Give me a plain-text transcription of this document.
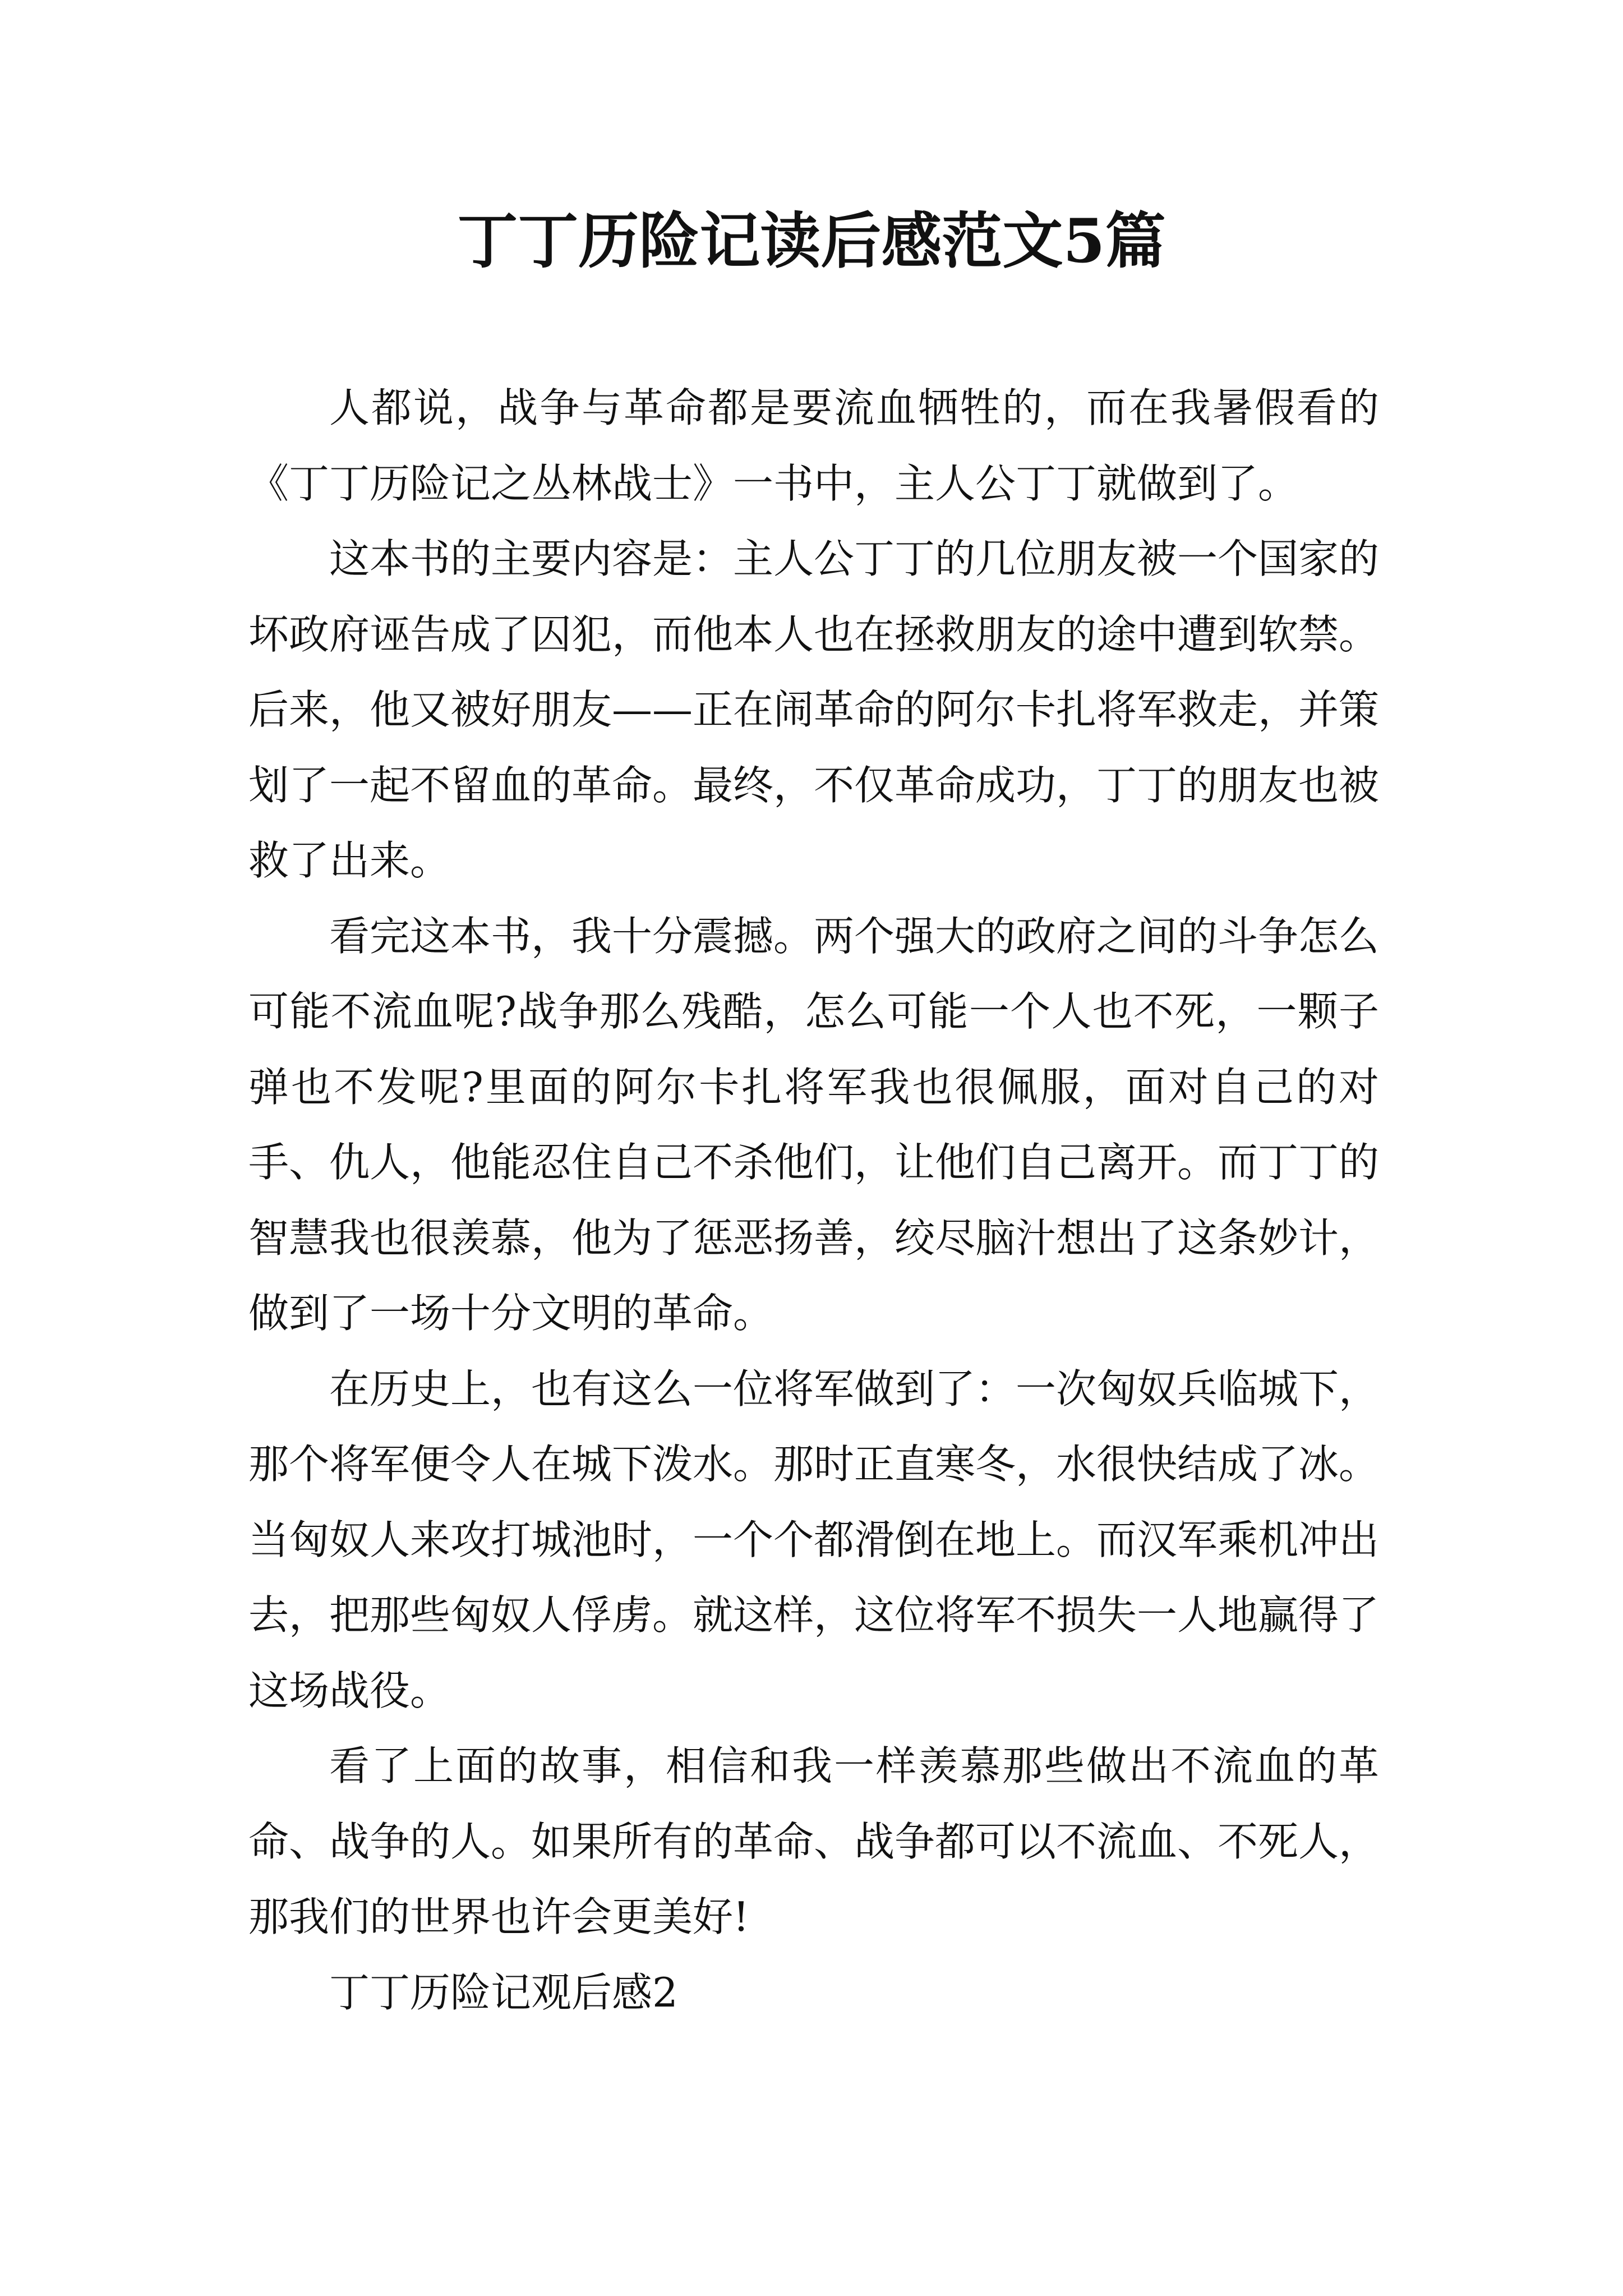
丁丁历险记读后感范文5篇

人都说，战争与革命都是要流血牺牲的，而在我暑假看的《丁丁历险记之丛林战士》一书中，主人公丁丁就做到了。

这本书的主要内容是：主人公丁丁的几位朋友被一个国家的坏政府诬告成了囚犯，而他本人也在拯救朋友的途中遭到软禁。后来，他又被好朋友——正在闹革命的阿尔卡扎将军救走，并策划了一起不留血的革命。最终，不仅革命成功，丁丁的朋友也被救了出来。

看完这本书，我十分震撼。两个强大的政府之间的斗争怎么可能不流血呢?战争那么残酷，怎么可能一个人也不死，一颗子弹也不发呢?里面的阿尔卡扎将军我也很佩服，面对自己的对手、仇人，他能忍住自己不杀他们，让他们自己离开。而丁丁的智慧我也很羡慕，他为了惩恶扬善，绞尽脑汁想出了这条妙计，做到了一场十分文明的革命。

在历史上，也有这么一位将军做到了：一次匈奴兵临城下，那个将军便令人在城下泼水。那时正直寒冬，水很快结成了冰。当匈奴人来攻打城池时，一个个都滑倒在地上。而汉军乘机冲出去，把那些匈奴人俘虏。就这样，这位将军不损失一人地赢得了这场战役。

看了上面的故事，相信和我一样羡慕那些做出不流血的革命、战争的人。如果所有的革命、战争都可以不流血、不死人，那我们的世界也许会更美好!

丁丁历险记观后感2
